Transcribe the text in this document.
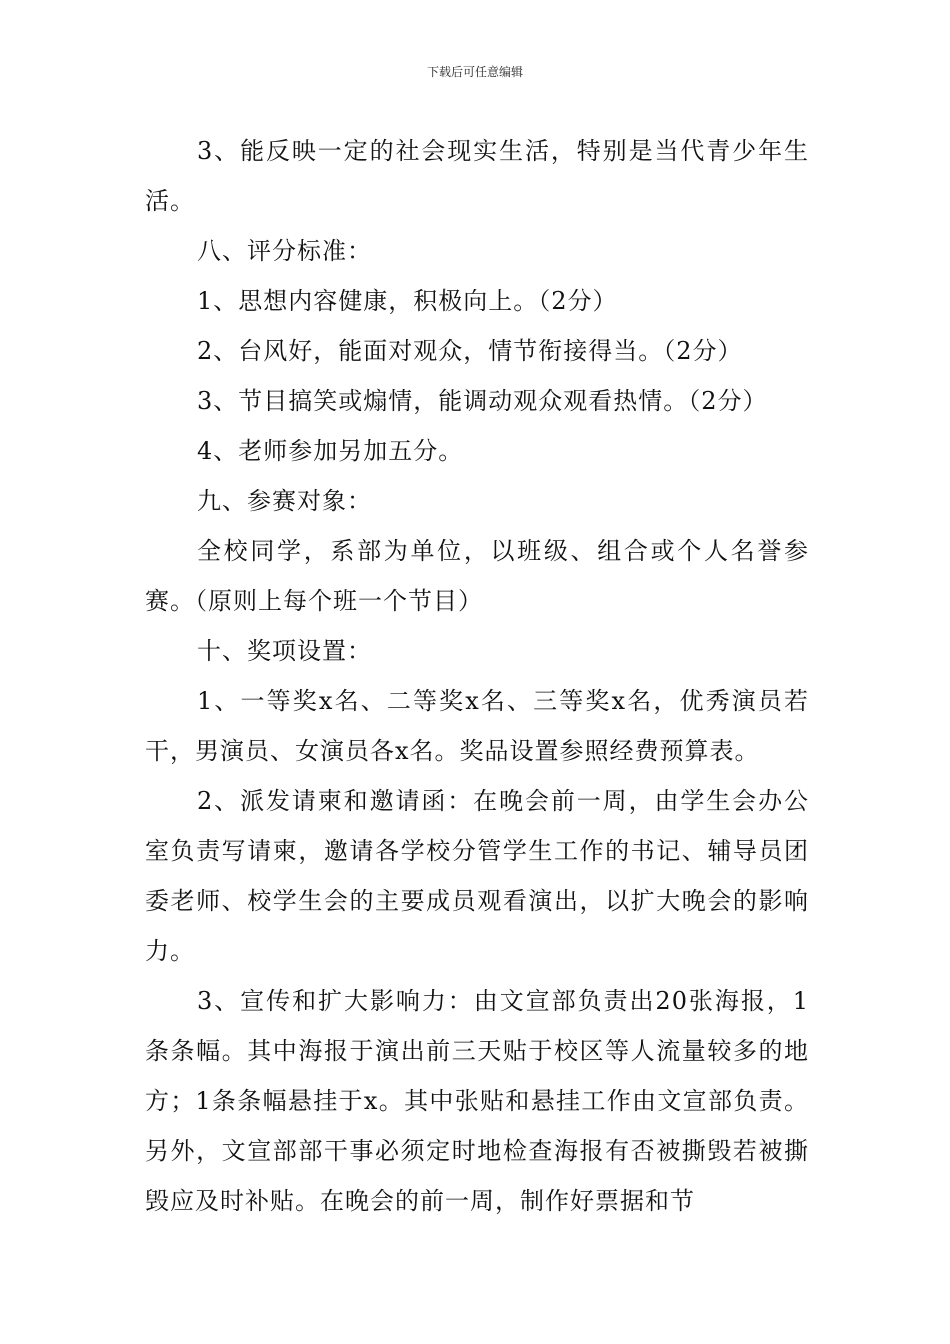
下载后可任意编辑

3、能反映一定的社会现实生活，特别是当代青少年生活。

八、评分标准：

1、思想内容健康，积极向上。（2分）

2、台风好，能面对观众，情节衔接得当。（2分）

3、节目搞笑或煽情，能调动观众观看热情。（2分）

4、老师参加另加五分。

九、参赛对象：

全校同学，系部为单位，以班级、组合或个人名誉参赛。（原则上每个班一个节目）

十、奖项设置：

1、一等奖x名、二等奖x名、三等奖x名，优秀演员若干，男演员、女演员各x名。奖品设置参照经费预算表。

2、派发请柬和邀请函：在晚会前一周，由学生会办公室负责写请柬，邀请各学校分管学生工作的书记、辅导员团委老师、校学生会的主要成员观看演出，以扩大晚会的影响力。

3、宣传和扩大影响力：由文宣部负责出20张海报，1条条幅。其中海报于演出前三天贴于校区等人流量较多的地方；1条条幅悬挂于x。其中张贴和悬挂工作由文宣部负责。另外，文宣部部干事必须定时地检查海报有否被撕毁若被撕毁应及时补贴。在晚会的前一周，制作好票据和节
